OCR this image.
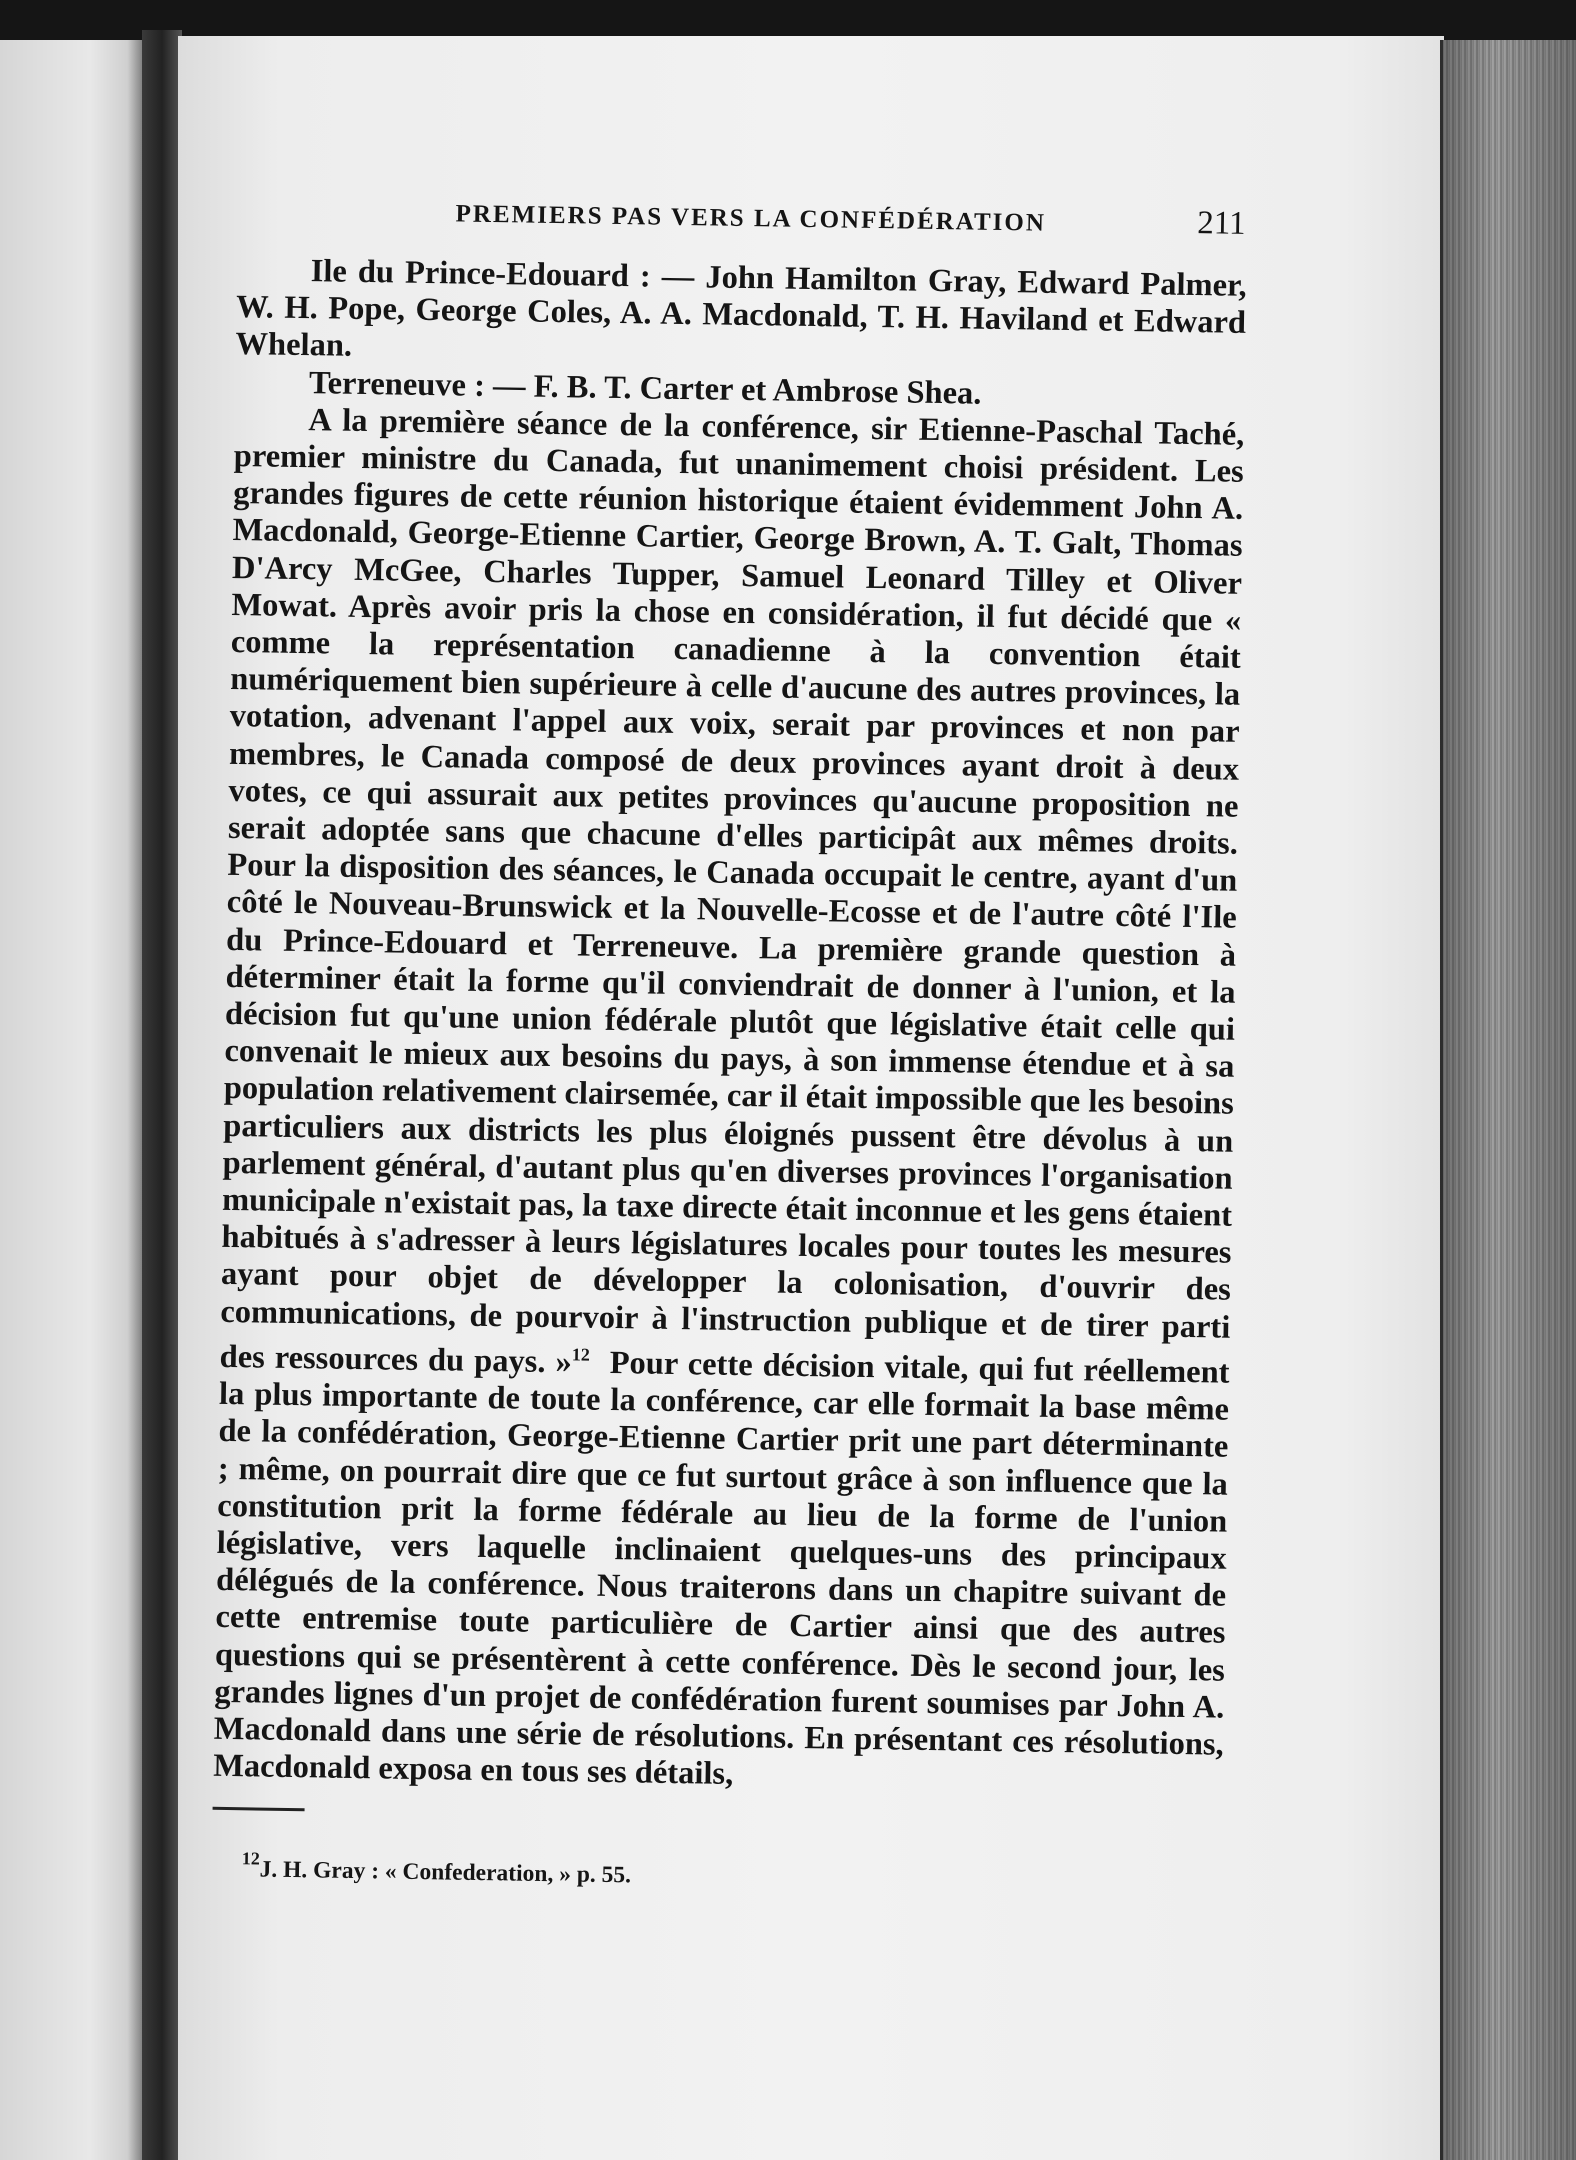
PREMIERS PAS VERS LA CONFÉDÉRATION	211

Ile du Prince-Edouard : — John Hamilton Gray, Edward Palmer, W. H. Pope, George Coles, A. A. Macdonald, T. H. Haviland et Edward Whelan.

Terreneuve : — F. B. T. Carter et Ambrose Shea.

A la première séance de la conférence, sir Etienne-Paschal Taché, premier ministre du Canada, fut unanimement choisi président. Les grandes figures de cette réunion historique étaient évidemment John A. Macdonald, George-Etienne Cartier, George Brown, A. T. Galt, Thomas D'Arcy McGee, Charles Tupper, Samuel Leonard Tilley et Oliver Mowat. Après avoir pris la chose en considération, il fut décidé que « comme la représentation canadienne à la convention était numériquement bien supérieure à celle d'aucune des autres provinces, la votation, advenant l'appel aux voix, serait par provinces et non par membres, le Canada composé de deux provinces ayant droit à deux votes, ce qui assurait aux petites provinces qu'aucune proposition ne serait adoptée sans que chacune d'elles participât aux mêmes droits. Pour la disposition des séances, le Canada occupait le centre, ayant d'un côté le Nouveau-Brunswick et la Nouvelle-Ecosse et de l'autre côté l'Ile du Prince-Edouard et Terreneuve. La première grande question à déterminer était la forme qu'il conviendrait de donner à l'union, et la décision fut qu'une union fédérale plutôt que législative était celle qui convenait le mieux aux besoins du pays, à son immense étendue et à sa population relativement clairsemée, car il était impossible que les besoins particuliers aux districts les plus éloignés pussent être dévolus à un parlement général, d'autant plus qu'en diverses provinces l'organisation municipale n'existait pas, la taxe directe était inconnue et les gens étaient habitués à s'adresser à leurs législatures locales pour toutes les mesures ayant pour objet de développer la colonisation, d'ouvrir des communications, de pourvoir à l'instruction publique et de tirer parti des ressources du pays. »$^{12}$ Pour cette décision vitale, qui fut réellement la plus importante de toute la conférence, car elle formait la base même de la confédération, George-Etienne Cartier prit une part déterminante ; même, on pourrait dire que ce fut surtout grâce à son influence que la constitution prit la forme fédérale au lieu de la forme de l'union législative, vers laquelle inclinaient quelques-uns des principaux délégués de la conférence. Nous traiterons dans un chapitre suivant de cette entremise toute particulière de Cartier ainsi que des autres questions qui se présentèrent à cette conférence. Dès le second jour, les grandes lignes d'un projet de confédération furent soumises par John A. Macdonald dans une série de résolutions. En présentant ces résolutions, Macdonald exposa en tous ses détails,

$^{12}$J. H. Gray : « Confederation, » p. 55.
